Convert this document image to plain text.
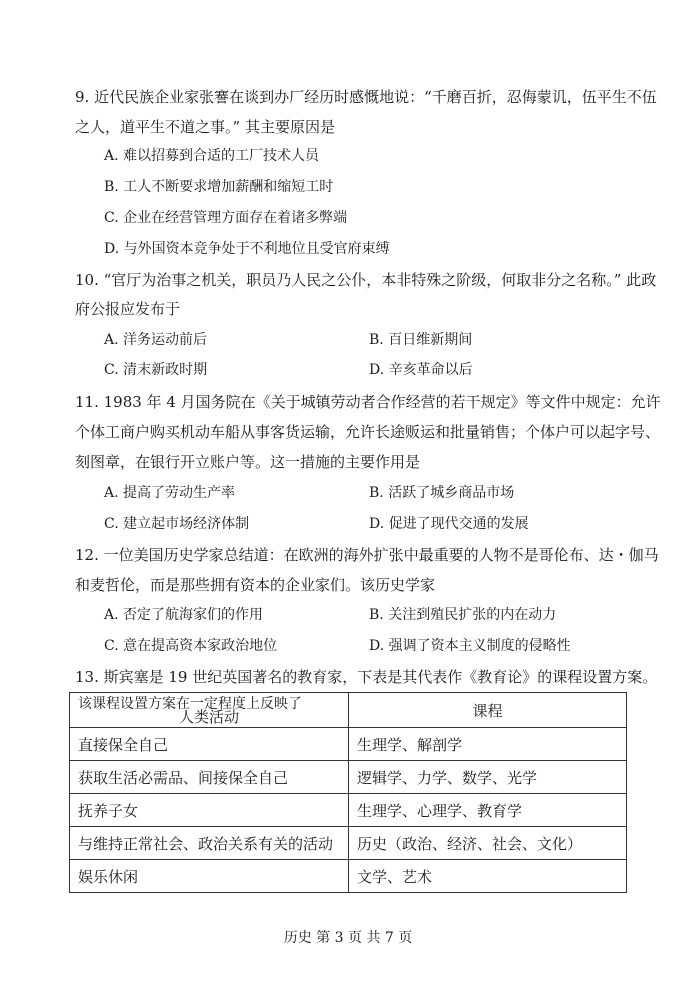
9. 近代民族企业家张謇在谈到办厂经历时感慨地说：“千磨百折，忍侮蒙讥，伍平生不伍
之人，道平生不道之事。” 其主要原因是
A. 难以招募到合适的工厂技术人员
B. 工人不断要求增加薪酬和缩短工时
C. 企业在经营管理方面存在着诸多弊端
D. 与外国资本竞争处于不利地位且受官府束缚
10. “官厅为治事之机关，职员乃人民之公仆，本非特殊之阶级，何取非分之名称。” 此政
府公报应发布于
A. 洋务运动前后	B. 百日维新期间
C. 清末新政时期	D. 辛亥革命以后
11. 1983 年 4 月国务院在《关于城镇劳动者合作经营的若干规定》等文件中规定：允许
个体工商户购买机动车船从事客货运输，允许长途贩运和批量销售；个体户可以起字号、
刻图章，在银行开立账户等。这一措施的主要作用是
A. 提高了劳动生产率	B. 活跃了城乡商品市场
C. 建立起市场经济体制	D. 促进了现代交通的发展
12. 一位美国历史学家总结道：在欧洲的海外扩张中最重要的人物不是哥伦布、达・伽马
和麦哲伦，而是那些拥有资本的企业家们。该历史学家
A. 否定了航海家们的作用	B. 关注到殖民扩张的内在动力
C. 意在提高资本家政治地位	D. 强调了资本主义制度的侵略性
13. 斯宾塞是 19 世纪英国著名的教育家，下表是其代表作《教育论》的课程设置方案。
该课程设置方案在一定程度上反映了
人类活动	课程
直接保全自己	生理学、解剖学
获取生活必需品、间接保全自己	逻辑学、力学、数学、光学
抚养子女	生理学、心理学、教育学
与维持正常社会、政治关系有关的活动	历史（政治、经济、社会、文化）
娱乐休闲	文学、艺术
历史 第 3 页 共 7 页
